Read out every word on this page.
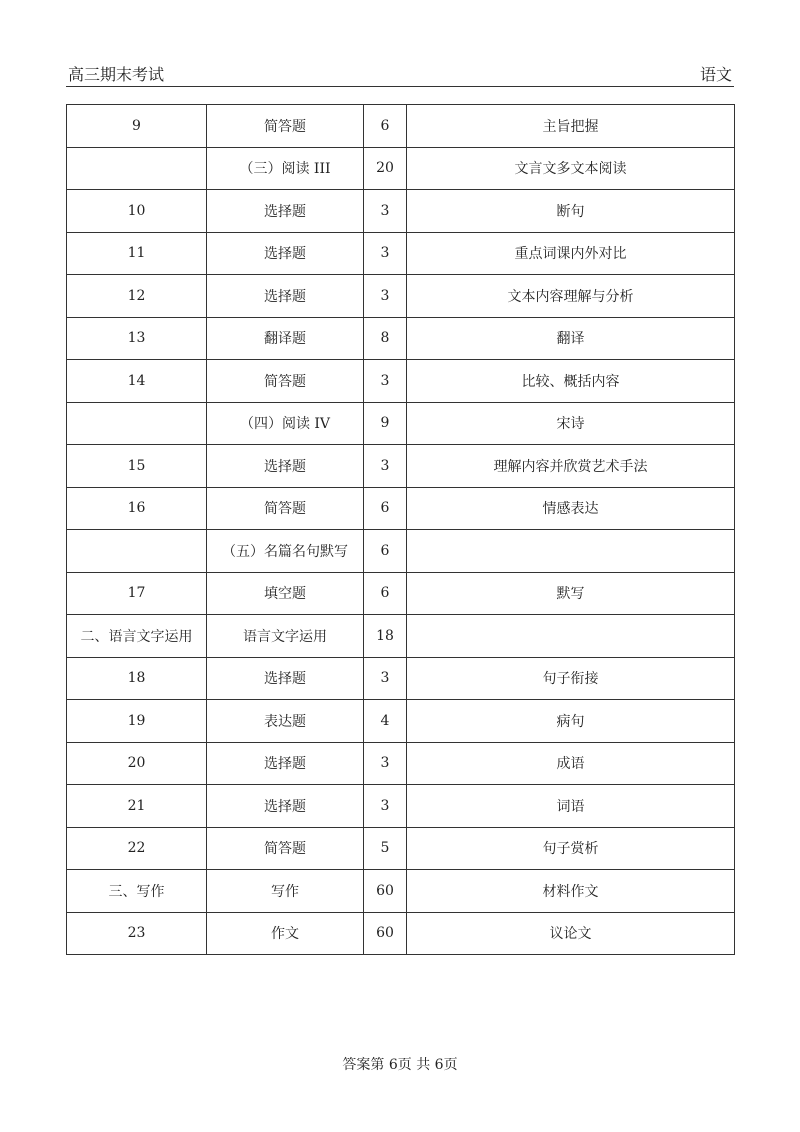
高三期末考试	语文
9	简答题	6	主旨把握
	（三）阅读 III	20	文言文多文本阅读
10	选择题	3	断句
11	选择题	3	重点词课内外对比
12	选择题	3	文本内容理解与分析
13	翻译题	8	翻译
14	简答题	3	比较、概括内容
	（四）阅读 IV	9	宋诗
15	选择题	3	理解内容并欣赏艺术手法
16	简答题	6	情感表达
	（五）名篇名句默写	6	
17	填空题	6	默写
二、语言文字运用	语言文字运用	18	
18	选择题	3	句子衔接
19	表达题	4	病句
20	选择题	3	成语
21	选择题	3	词语
22	简答题	5	句子赏析
三、写作	写作	60	材料作文
23	作文	60	议论文
答案第 6页 共 6页
